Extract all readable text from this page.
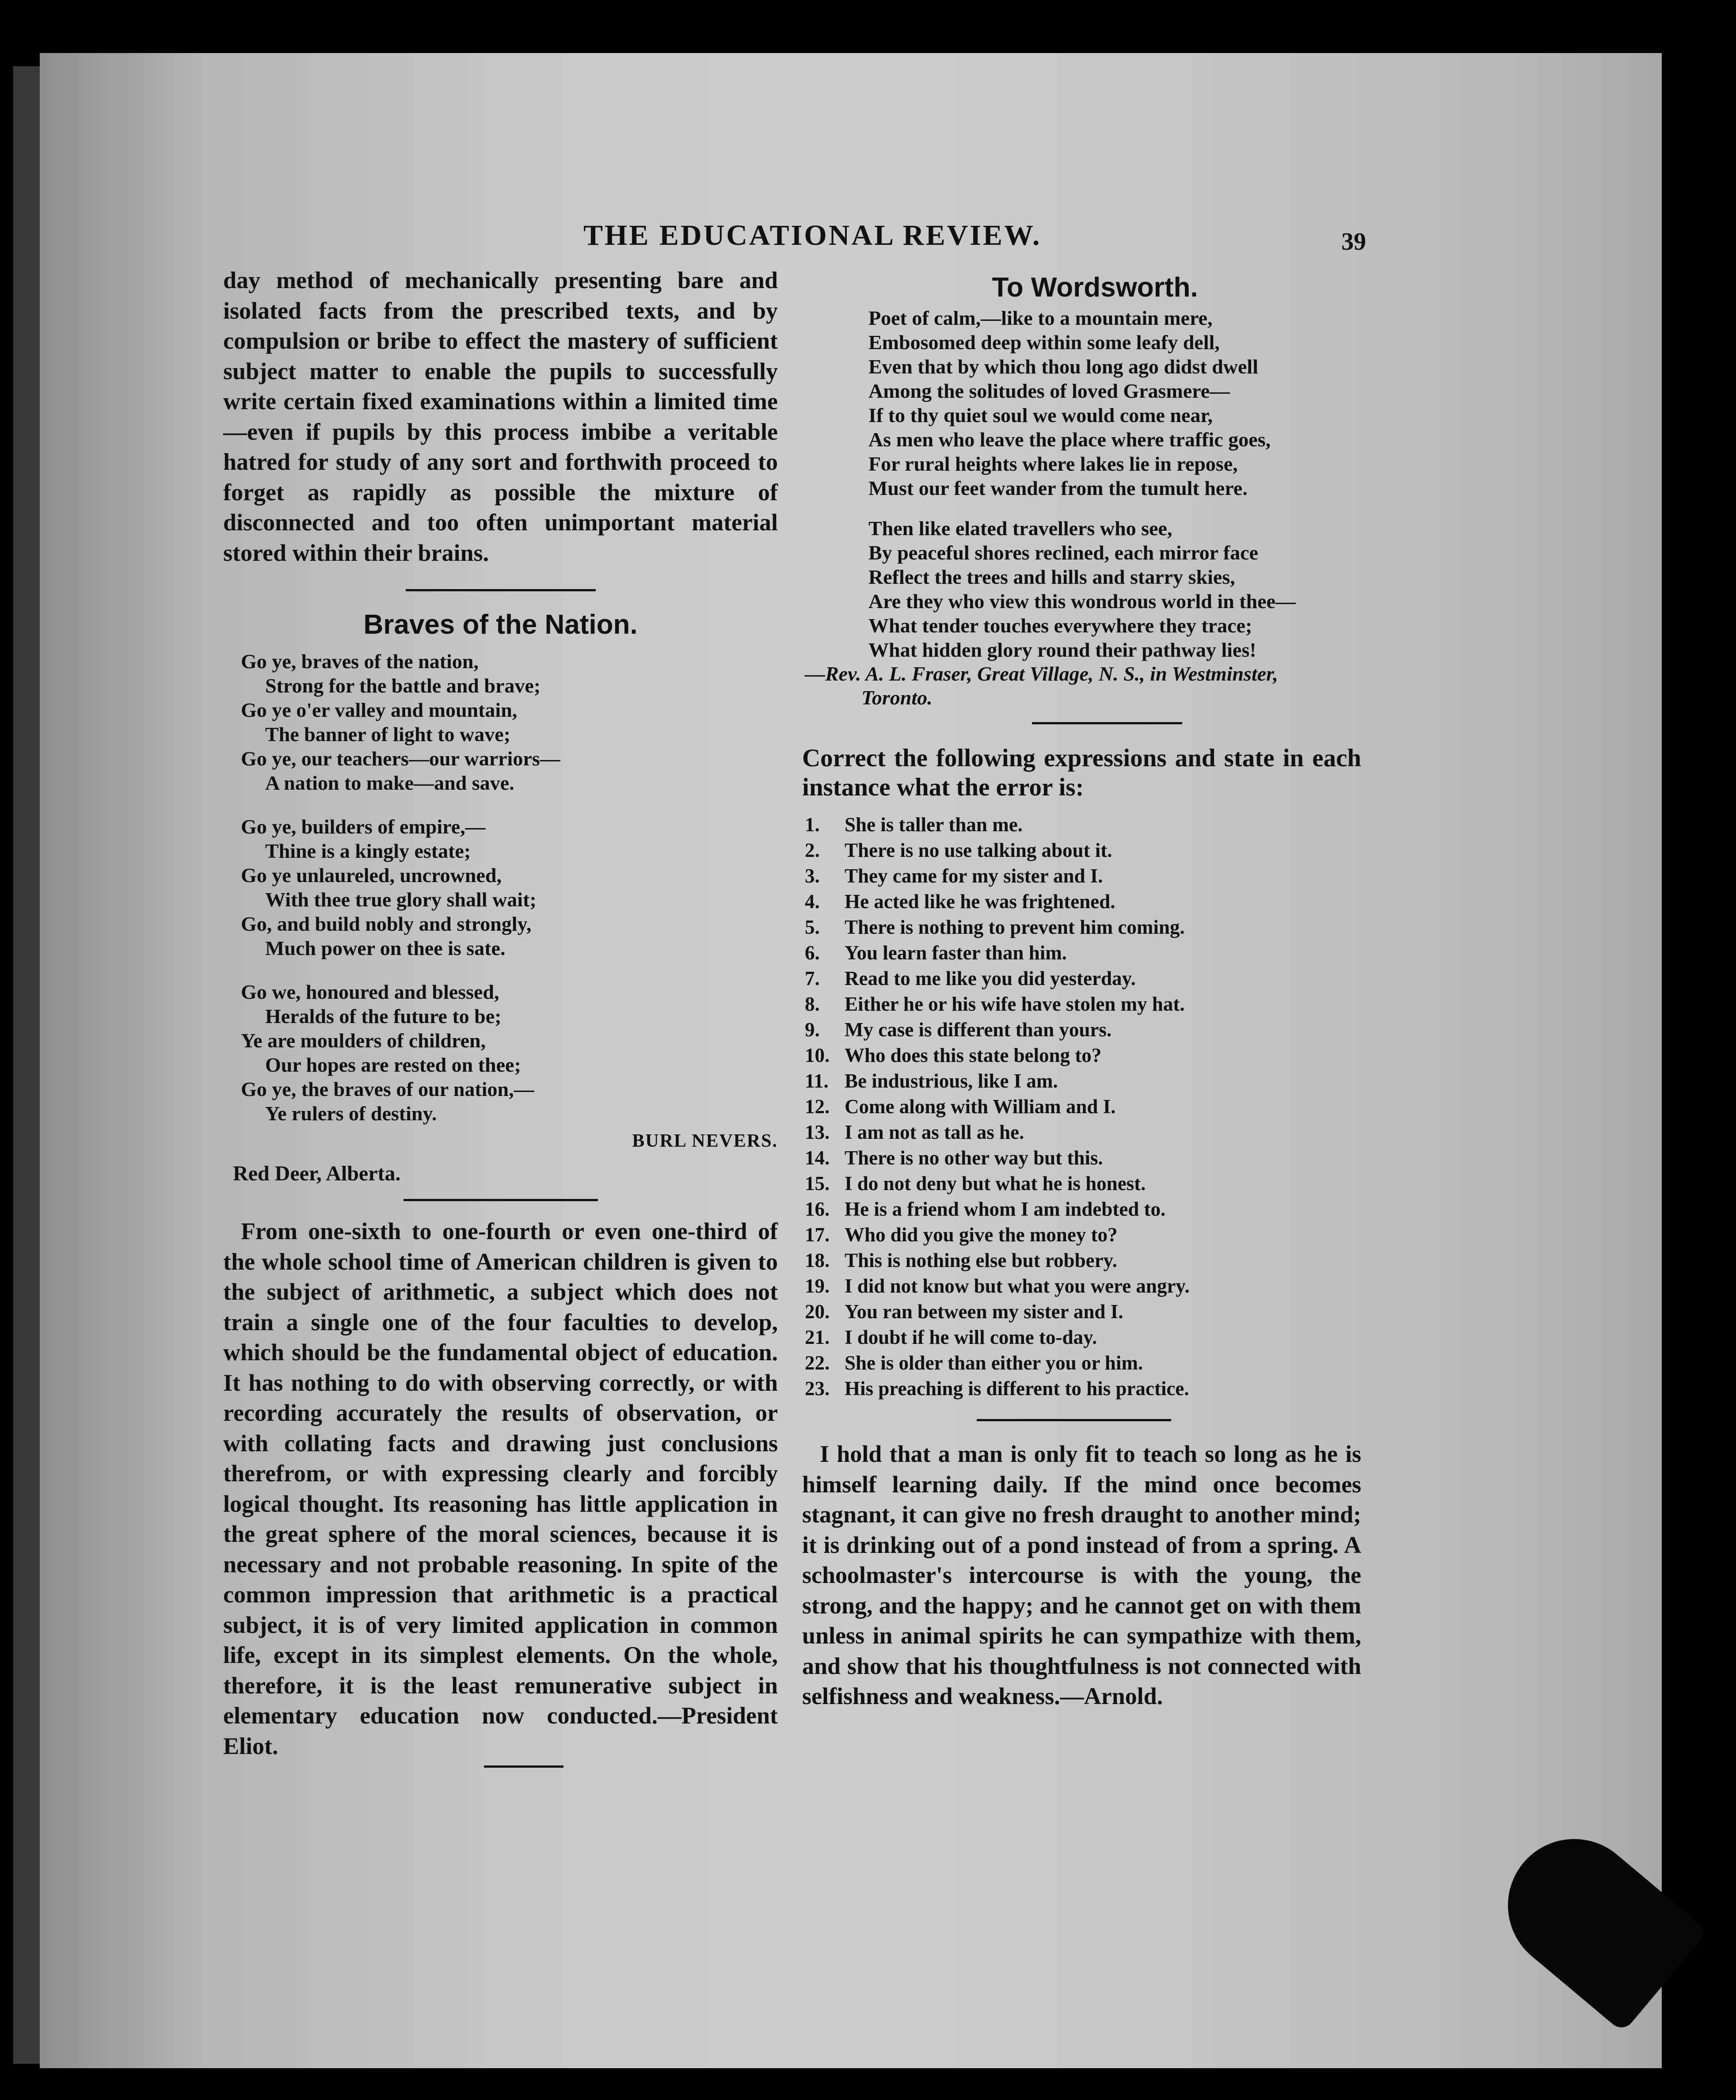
THE EDUCATIONAL REVIEW.	39

day method of mechanically presenting bare and isolated facts from the prescribed texts, and by compulsion or bribe to effect the mastery of sufficient subject matter to enable the pupils to successfully write certain fixed examinations within a limited time—even if pupils by this process imbibe a veritable hatred for study of any sort and forthwith proceed to forget as rapidly as possible the mixture of disconnected and too often unimportant material stored within their brains.

Braves of the Nation.
Go ye, braves of the nation,
Strong for the battle and brave;
Go ye o'er valley and mountain,
The banner of light to wave;
Go ye, our teachers—our warriors—
A nation to make—and save.
Go ye, builders of empire,—
Thine is a kingly estate;
Go ye unlaureled, uncrowned,
With thee true glory shall wait;
Go, and build nobly and strongly,
Much power on thee is sate.
Go we, honoured and blessed,
Heralds of the future to be;
Ye are moulders of children,
Our hopes are rested on thee;
Go ye, the braves of our nation,—
Ye rulers of destiny.
BURL NEVERS.
Red Deer, Alberta.

From one-sixth to one-fourth or even one-third of the whole school time of American children is given to the subject of arithmetic, a subject which does not train a single one of the four faculties to develop, which should be the fundamental object of education. It has nothing to do with observing correctly, or with recording accurately the results of observation, or with collating facts and drawing just conclusions therefrom, or with expressing clearly and forcibly logical thought. Its reasoning has little application in the great sphere of the moral sciences, because it is necessary and not probable reasoning. In spite of the common impression that arithmetic is a practical subject, it is of very limited application in common life, except in its simplest elements. On the whole, therefore, it is the least remunerative subject in elementary education now conducted.—President Eliot.

To Wordsworth.
Poet of calm,—like to a mountain mere,
Embosomed deep within some leafy dell,
Even that by which thou long ago didst dwell
Among the solitudes of loved Grasmere—
If to thy quiet soul we would come near,
As men who leave the place where traffic goes,
For rural heights where lakes lie in repose,
Must our feet wander from the tumult here.
Then like elated travellers who see,
By peaceful shores reclined, each mirror face
Reflect the trees and hills and starry skies,
Are they who view this wondrous world in thee—
What tender touches everywhere they trace;
What hidden glory round their pathway lies!
—Rev. A. L. Fraser, Great Village, N. S., in Westminster,
Toronto.

Correct the following expressions and state in each instance what the error is:

1.	She is taller than me.
2.	There is no use talking about it.
3.	They came for my sister and I.
4.	He acted like he was frightened.
5.	There is nothing to prevent him coming.
6.	You learn faster than him.
7.	Read to me like you did yesterday.
8.	Either he or his wife have stolen my hat.
9.	My case is different than yours.
10. Who does this state belong to?
11. Be industrious, like I am.
12. Come along with William and I.
13. I am not as tall as he.
14. There is no other way but this.
15. I do not deny but what he is honest.
16. He is a friend whom I am indebted to.
17. Who did you give the money to?
18. This is nothing else but robbery.
19. I did not know but what you were angry.
20. You ran between my sister and I.
21. I doubt if he will come to-day.
22. She is older than either you or him.
23. His preaching is different to his practice.

I hold that a man is only fit to teach so long as he is himself learning daily. If the mind once becomes stagnant, it can give no fresh draught to another mind; it is drinking out of a pond instead of from a spring. A schoolmaster's intercourse is with the young, the strong, and the happy; and he cannot get on with them unless in animal spirits he can sympathize with them, and show that his thoughtfulness is not connected with selfishness and weakness.—Arnold.
